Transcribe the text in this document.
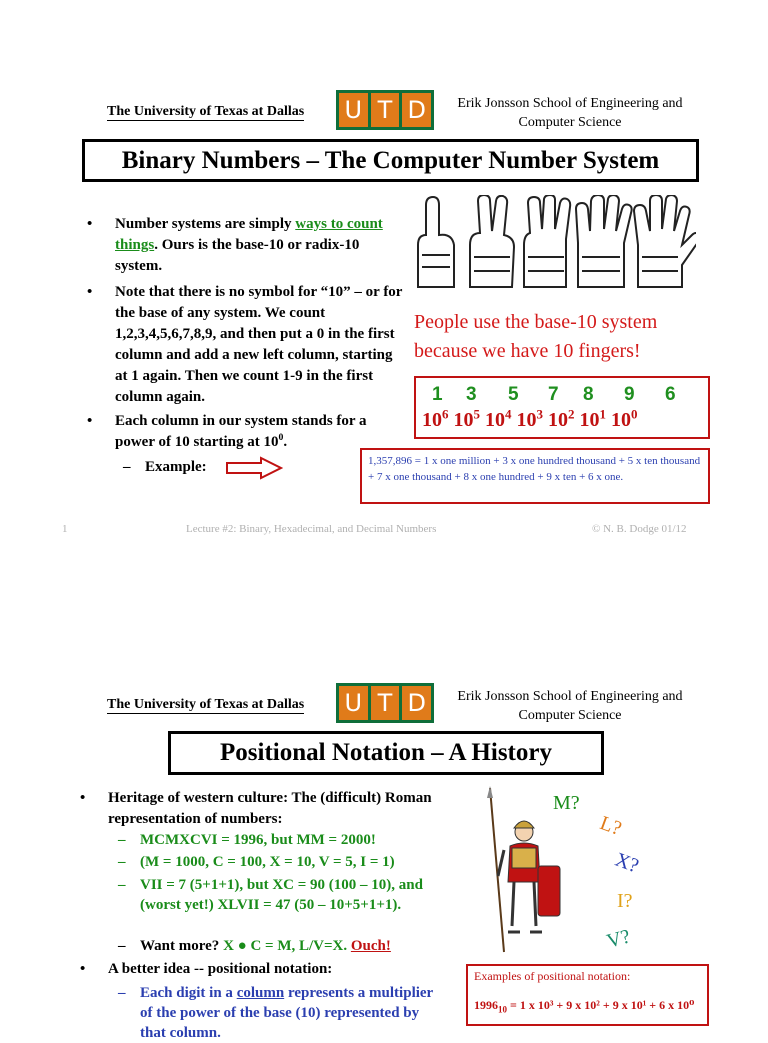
The University of Texas at Dallas U T D	Erik Jonsson School of Engineering and
Computer Science
Binary Numbers – The Computer Number System
• Number systems are simply ways to count things. Ours is the base-10 or radix-10 system.
• Note that there is no symbol for “10” – or for the base of any system. We count 1,2,3,4,5,6,7,8,9, and then put a 0 in the first column and add a new left column, starting at 1 again. Then we count 1-9 in the first column again.
• Each column in our system stands for a power of 10 starting at $10^0$.
– Example:
People use the base-10 system
because we have 10 fingers!
1 3 5 7 8 9 6
$10^6$ $10^5$ $10^4$ $10^3$ $10^2$ $10^1$ $10^0$
1,357,896 = 1 x one million + 3 x one hundred thousand + 5 x ten thousand + 7 x one thousand + 8 x one hundred + 9 x ten + 6 x one.
1	Lecture #2: Binary, Hexadecimal, and Decimal Numbers	© N. B. Dodge 01/12
The University of Texas at Dallas U T D	Erik Jonsson School of Engineering and
Computer Science
Positional Notation – A History
• Heritage of western culture: The (difficult) Roman representation of numbers:
– MCMXCVI = 1996, but MM = 2000!
– (M = 1000, C = 100, X = 10, V = 5, I = 1)
– VII = 7 (5+1+1), but XC = 90 (100 – 10), and (worst yet!) XLVII = 47 (50 – 10+5+1+1).
– Want more? X ● C = M, L/V=X. Ouch!
• A better idea -- positional notation:
– Each digit in a column represents a multiplier of the power of the base (10) represented by that column.
M?
L?
X?
I?
V?
Examples of positional notation:
$1996_{10} = 1$ x 10³ + 9 x 10² + 9 x 10¹ + 6 x 10⁰
